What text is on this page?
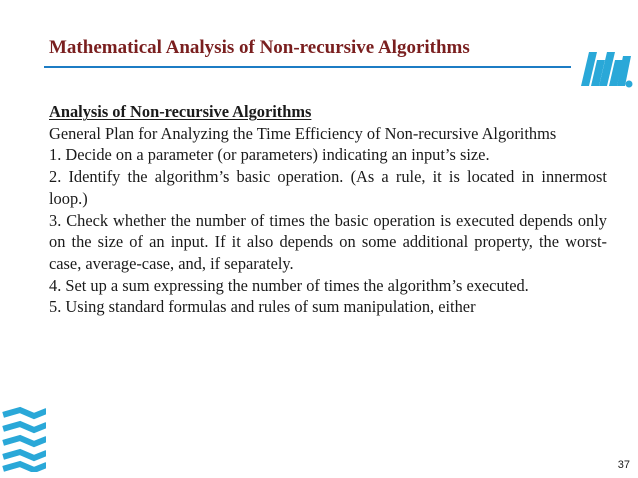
Mathematical Analysis of Non-recursive Algorithms

Analysis of Non-recursive Algorithms

General Plan for Analyzing the Time Efficiency of Non-recursive Algorithms

1. Decide on a parameter (or parameters) indicating an input’s size.

2. Identify the algorithm’s basic operation. (As a rule, it is located in innermost loop.)

3. Check whether the number of times the basic operation is executed depends only on the size of an input. If it also depends on some additional property, the worst-case, average-case, and, if separately.

4. Set up a sum expressing the number of times the algorithm’s executed.

5. Using standard formulas and rules of sum manipulation, either

37
